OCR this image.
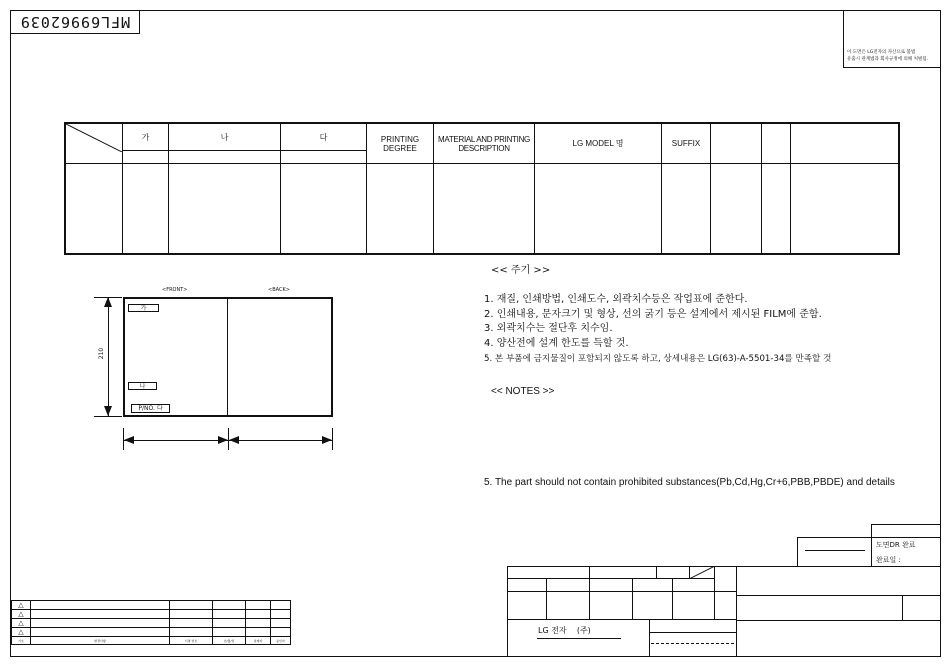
MFL69962039
이 도면은 LG전자의 자산으로 불법
유출시 관계법과 회사규정에 의해 처벌됨.
	가	나	다	PRINTING DEGREE	MATERIAL AND PRINTING DESCRIPTION	LG MODEL 명	SUFFIX			

<FRONT>	<BACK>
가
나
P/NO. 다
210
<< 주기 >>
1. 재질, 인쇄방법, 인쇄도수, 외곽치수등은 작업표에 준한다.
2. 인쇄내용, 문자크기 및 형상, 선의 굵기 등은 설계에서 제시된 FILM에 준함.
3. 외곽치수는 절단후 치수임.
4. 양산전에 설계 한도를 득할 것.
5. 본 부품에 금지물질이 포함되지 않도록 하고, 상세내용은 LG(63)-A-5501-34를 만족할 것
<< NOTES >>
5. The part should not contain prohibited substances(Pb,Cd,Hg,Cr+6,PBB,PBDE) and details
도면DR 완료
완료일 :
△					
△					
△					
△					
기호	변경사항	서명 번호	년/월/일	설계자	승인자
LG 전자    (주)
